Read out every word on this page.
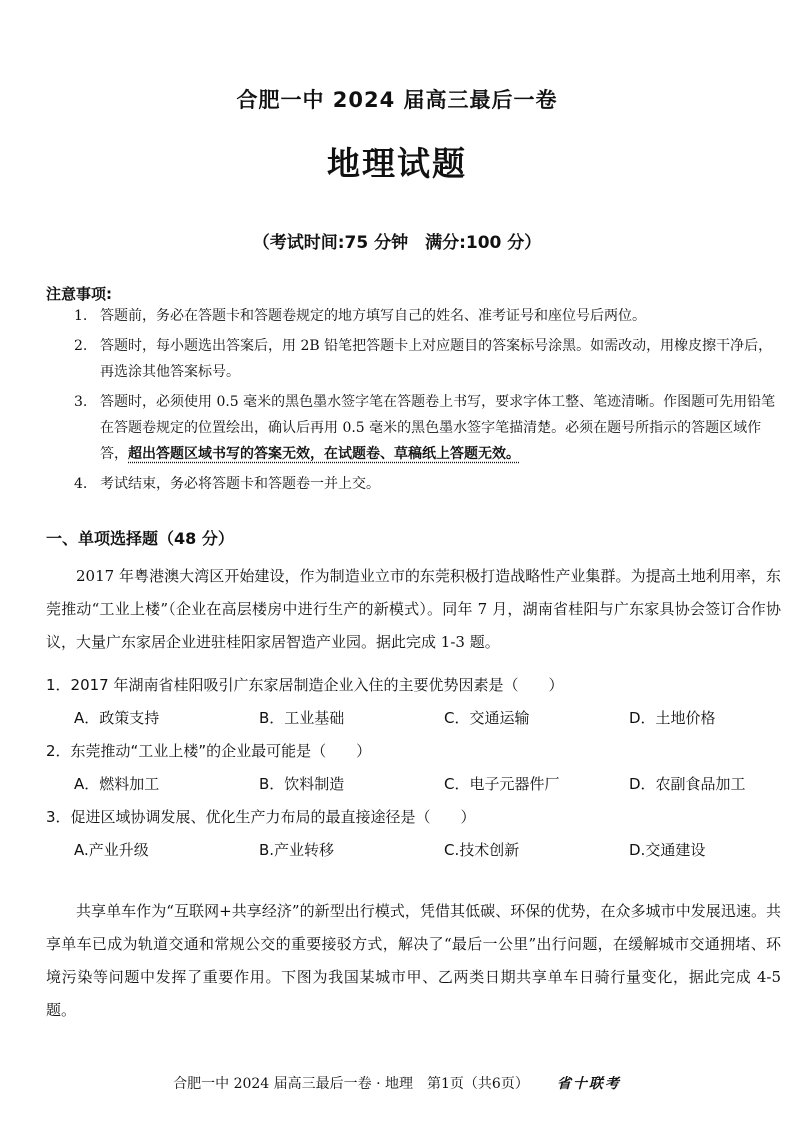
合肥一中 2024 届高三最后一卷
地理试题
（考试时间:75 分钟　满分:100 分）
注意事项:
1. 答题前，务必在答题卡和答题卷规定的地方填写自己的姓名、准考证号和座位号后两位。
2. 答题时，每小题选出答案后，用 2B 铅笔把答题卡上对应题目的答案标号涂黑。如需改动，用橡皮擦干净后，再选涂其他答案标号。
3. 答题时，必须使用 0.5 毫米的黑色墨水签字笔在答题卷上书写，要求字体工整、笔迹清晰。作图题可先用铅笔在答题卷规定的位置绘出，确认后再用 0.5 毫米的黑色墨水签字笔描清楚。必须在题号所指示的答题区域作答，超出答题区域书写的答案无效，在试题卷、草稿纸上答题无效。
4. 考试结束，务必将答题卡和答题卷一并上交。
一、单项选择题（48 分）
2017 年粤港澳大湾区开始建设，作为制造业立市的东莞积极打造战略性产业集群。为提高土地利用率，东莞推动“工业上楼”（企业在高层楼房中进行生产的新模式）。同年 7 月，湖南省桂阳与广东家具协会签订合作协议，大量广东家居企业进驻桂阳家居智造产业园。据此完成 1-3 题。
1．2017 年湖南省桂阳吸引广东家居制造企业入住的主要优势因素是（　　）
A．政策支持	B．工业基础	C．交通运输	D．土地价格
2．东莞推动“工业上楼”的企业最可能是（　　）
A．燃料加工	B．饮料制造	C．电子元器件厂	D．农副食品加工
3．促进区域协调发展、优化生产力布局的最直接途径是（　　）
A.产业升级	B.产业转移	C.技术创新	D.交通建设
共享单车作为“互联网+共享经济”的新型出行模式，凭借其低碳、环保的优势，在众多城市中发展迅速。共享单车已成为轨道交通和常规公交的重要接驳方式，解决了“最后一公里”出行问题，在缓解城市交通拥堵、环境污染等问题中发挥了重要作用。下图为我国某城市甲、乙两类日期共享单车日骑行量变化，据此完成 4-5 题。
合肥一中 2024 届高三最后一卷 · 地理　第1页（共6页） 省十联考
